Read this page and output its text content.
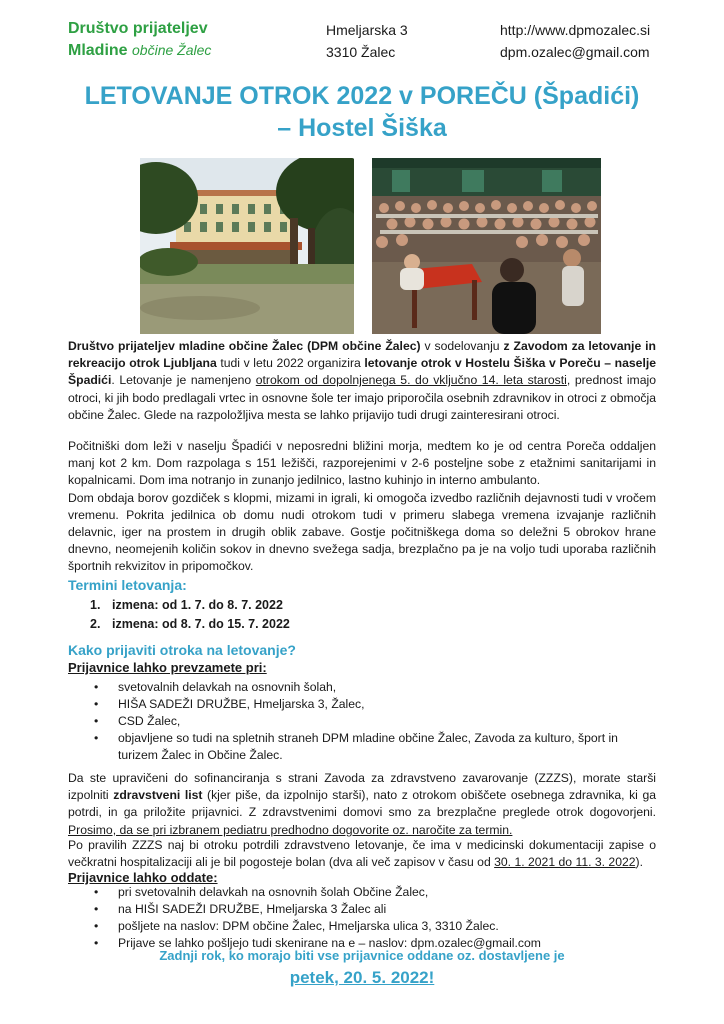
Društvo prijateljev
Mladine občine Žalec
Hmeljarska 3
3310 Žalec
http://www.dpmozalec.si
dpm.ozalec@gmail.com
LETOVANJE OTROK 2022 v POREČU (Špadići)
– Hostel Šiška
Društvo prijateljev mladine občine Žalec (DPM občine Žalec) v sodelovanju z Zavodom za letovanje in rekreacijo otrok Ljubljana tudi v letu 2022 organizira letovanje otrok v Hostelu Šiška v Poreču – naselje Špadići. Letovanje je namenjeno otrokom od dopolnjenega 5. do vključno 14. leta starosti, prednost imajo otroci, ki jih bodo predlagali vrtec in osnovne šole ter imajo priporočila osebnih zdravnikov in otroci z območja občine Žalec. Glede na razpoložljiva mesta se lahko prijavijo tudi drugi zainteresirani otroci.
Počitniški dom leži v naselju Špadići v neposredni bližini morja, medtem ko je od centra Poreča oddaljen manj kot 2 km. Dom razpolaga s 151 ležišči, razporejenimi v 2-6 posteljne sobe z etažnimi sanitarijami in kopalnicami. Dom ima notranjo in zunanjo jedilnico, lastno kuhinjo in interno ambulanto.
Dom obdaja borov gozdiček s klopmi, mizami in igrali, ki omogoča izvedbo različnih dejavnosti tudi v vročem vremenu. Pokrita jedilnica ob domu nudi otrokom tudi v primeru slabega vremena izvajanje različnih delavnic, iger na prostem in drugih oblik zabave. Gostje počitniškega doma so deležni 5 obrokov hrane dnevno, neomejenih količin sokov in dnevno svežega sadja, brezplačno pa je na voljo tudi uporaba različnih športnih rekvizitov in pripomočkov.
Termini letovanja:
1. izmena: od 1. 7. do 8. 7. 2022
2. izmena: od 8. 7. do 15. 7. 2022
Kako prijaviti otroka na letovanje?
Prijavnice lahko prevzamete pri:
• svetovalnih delavkah na osnovnih šolah,
• HIŠA SADEŽI DRUŽBE, Hmeljarska 3, Žalec,
• CSD Žalec,
• objavljene so tudi na spletnih straneh DPM mladine občine Žalec, Zavoda za kulturo, šport in turizem Žalec in Občine Žalec.
Da ste upravičeni do sofinanciranja s strani Zavoda za zdravstveno zavarovanje (ZZZS), morate starši izpolniti zdravstveni list (kjer piše, da izpolnijo starši), nato z otrokom obiščete osebnega zdravnika, ki ga potrdi, in ga priložite prijavnici. Z zdravstvenimi domovi smo za brezplačne preglede otrok dogovorjeni. Prosimo, da se pri izbranem pediatru predhodno dogovorite oz. naročite za termin.
Po pravilih ZZZS naj bi otroku potrdili zdravstveno letovanje, če ima v medicinski dokumentaciji zapise o večkratni hospitalizaciji ali je bil pogosteje bolan (dva ali več zapisov v času od 30. 1. 2021 do 11. 3. 2022).
Prijavnice lahko oddate:
• pri svetovalnih delavkah na osnovnih šolah Občine Žalec,
• na HIŠI SADEŽI DRUŽBE, Hmeljarska 3 Žalec ali
• pošljete na naslov: DPM občine Žalec, Hmeljarska ulica 3, 3310 Žalec.
• Prijave se lahko pošljejo tudi skenirane na e – naslov: dpm.ozalec@gmail.com
Zadnji rok, ko morajo biti vse prijavnice oddane oz. dostavljene je
petek, 20. 5. 2022!
